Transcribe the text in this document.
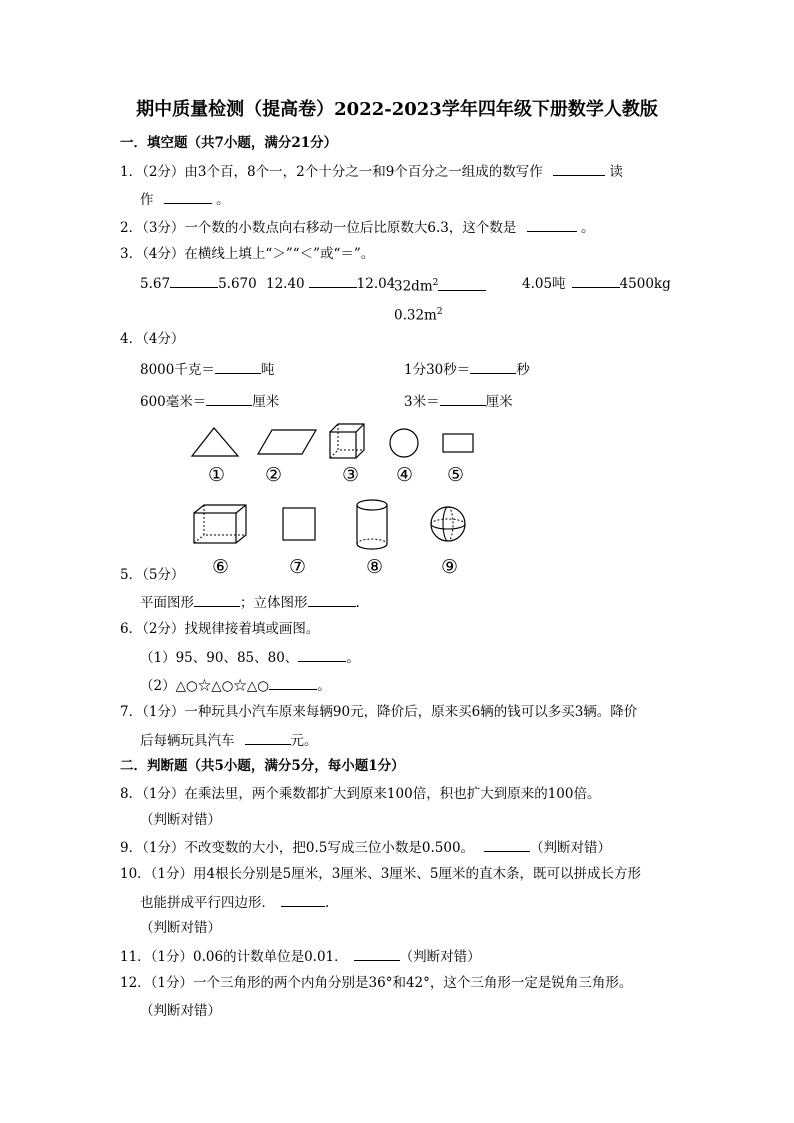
期中质量检测（提高卷）2022-2023学年四年级下册数学人教版
一．填空题（共7小题，满分21分）
1．（2分）由3个百，8个一，2个十分之一和9个百分之一组成的数写作	读
作	。
2．（3分）一个数的小数点向右移动一位后比原数大6.3，这个数是	。
3．（4分）在横线上填上“＞”“＜”或“＝”。
5.67	5.670 12.40	12.04
$32dm^2$
$0.32m^2$
4.05吨	4500kg
4．（4分）
8000千克＝	吨	1分30秒＝	秒
600毫米＝	厘米	3米＝	厘米
① ②	③ ④ ⑤
5．（5分） ⑥	⑦	⑧	⑨
平面图形	；立体图形	.
6．（2分）找规律接着填或画图。
（1）95、90、85、80、	。
（2）△○☆△○☆△○	。
7．（1分）一种玩具小汽车原来每辆90元，降价后，原来买6辆的钱可以多买3辆。降价
后每辆玩具汽车	元。
二．判断题（共5小题，满分5分，每小题1分）
8．（1分）在乘法里，两个乘数都扩大到原来100倍，积也扩大到原来的100倍。
（判断对错）
9．（1分）不改变数的大小，把0.5写成三位小数是0.500。	（判断对错）
10．（1分）用4根长分别是5厘米，3厘米、3厘米、5厘米的直木条，既可以拼成长方形
也能拼成平行四边形．	.
（判断对错）
11．（1分）0.06的计数单位是0.01．	（判断对错）
12．（1分）一个三角形的两个内角分别是36°和42°，这个三角形一定是锐角三角形。
（判断对错）
